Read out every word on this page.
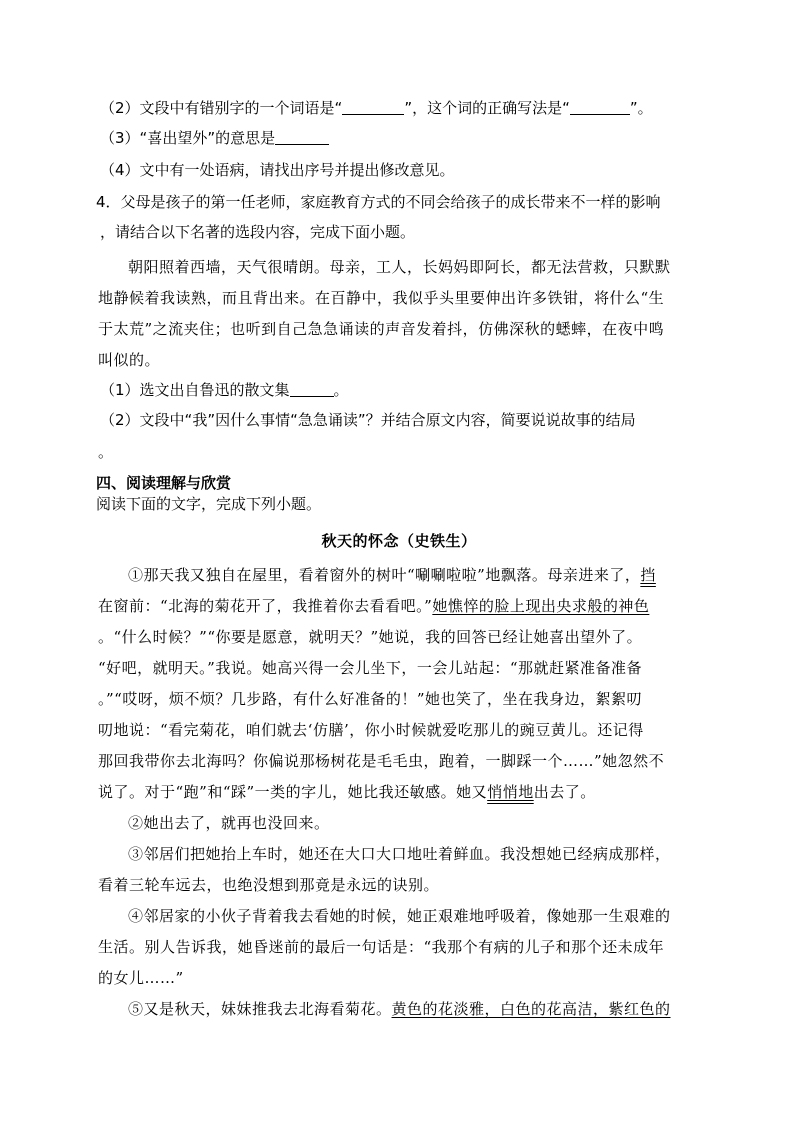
（2）文段中有错别字的一个词语是“	”，这个词的正确写法是“	”。
（3）“喜出望外”的意思是
（4）文中有一处语病，请找出序号并提出修改意见。
4．父母是孩子的第一任老师，家庭教育方式的不同会给孩子的成长带来不一样的影响
，请结合以下名著的选段内容，完成下面小题。
朝阳照着西墙，天气很晴朗。母亲，工人，长妈妈即阿长，都无法营救，只默默
地静候着我读熟，而且背出来。在百静中，我似乎头里要伸出许多铁钳，将什么“生
于太荒”之流夹住；也听到自己急急诵读的声音发着抖，仿佛深秋的蟋蟀，在夜中鸣
叫似的。
（1）选文出自鲁迅的散文集	。
（2）文段中“我”因什么事情“急急诵读”？并结合原文内容，简要说说故事的结局
。
四、阅读理解与欣赏
阅读下面的文字，完成下列小题。
秋天的怀念（史铁生）
①那天我又独自在屋里，看着窗外的树叶“唰唰啦啦”地飘落。母亲进来了，挡
在窗前：“北海的菊花开了，我推着你去看看吧。”她憔悴的脸上现出央求般的神色
。“什么时候？”“你要是愿意，就明天？”她说，我的回答已经让她喜出望外了。
“好吧，就明天。”我说。她高兴得一会儿坐下，一会儿站起：“那就赶紧准备准备
。”“哎呀，烦不烦？几步路，有什么好准备的！”她也笑了，坐在我身边，絮絮叨
叨地说：“看完菊花，咱们就去‘仿膳’，你小时候就爱吃那儿的豌豆黄儿。还记得
那回我带你去北海吗？你偏说那杨树花是毛毛虫，跑着，一脚踩一个……”她忽然不
说了。对于“跑”和“踩”一类的字儿，她比我还敏感。她又悄悄地出去了。
②她出去了，就再也没回来。
③邻居们把她抬上车时，她还在大口大口地吐着鲜血。我没想她已经病成那样，
看着三轮车远去，也绝没想到那竟是永远的诀别。
④邻居家的小伙子背着我去看她的时候，她正艰难地呼吸着，像她那一生艰难的
生活。别人告诉我，她昏迷前的最后一句话是：“我那个有病的儿子和那个还未成年
的女儿……”
⑤又是秋天，妹妹推我去北海看菊花。黄色的花淡雅，白色的花高洁，紫红色的
